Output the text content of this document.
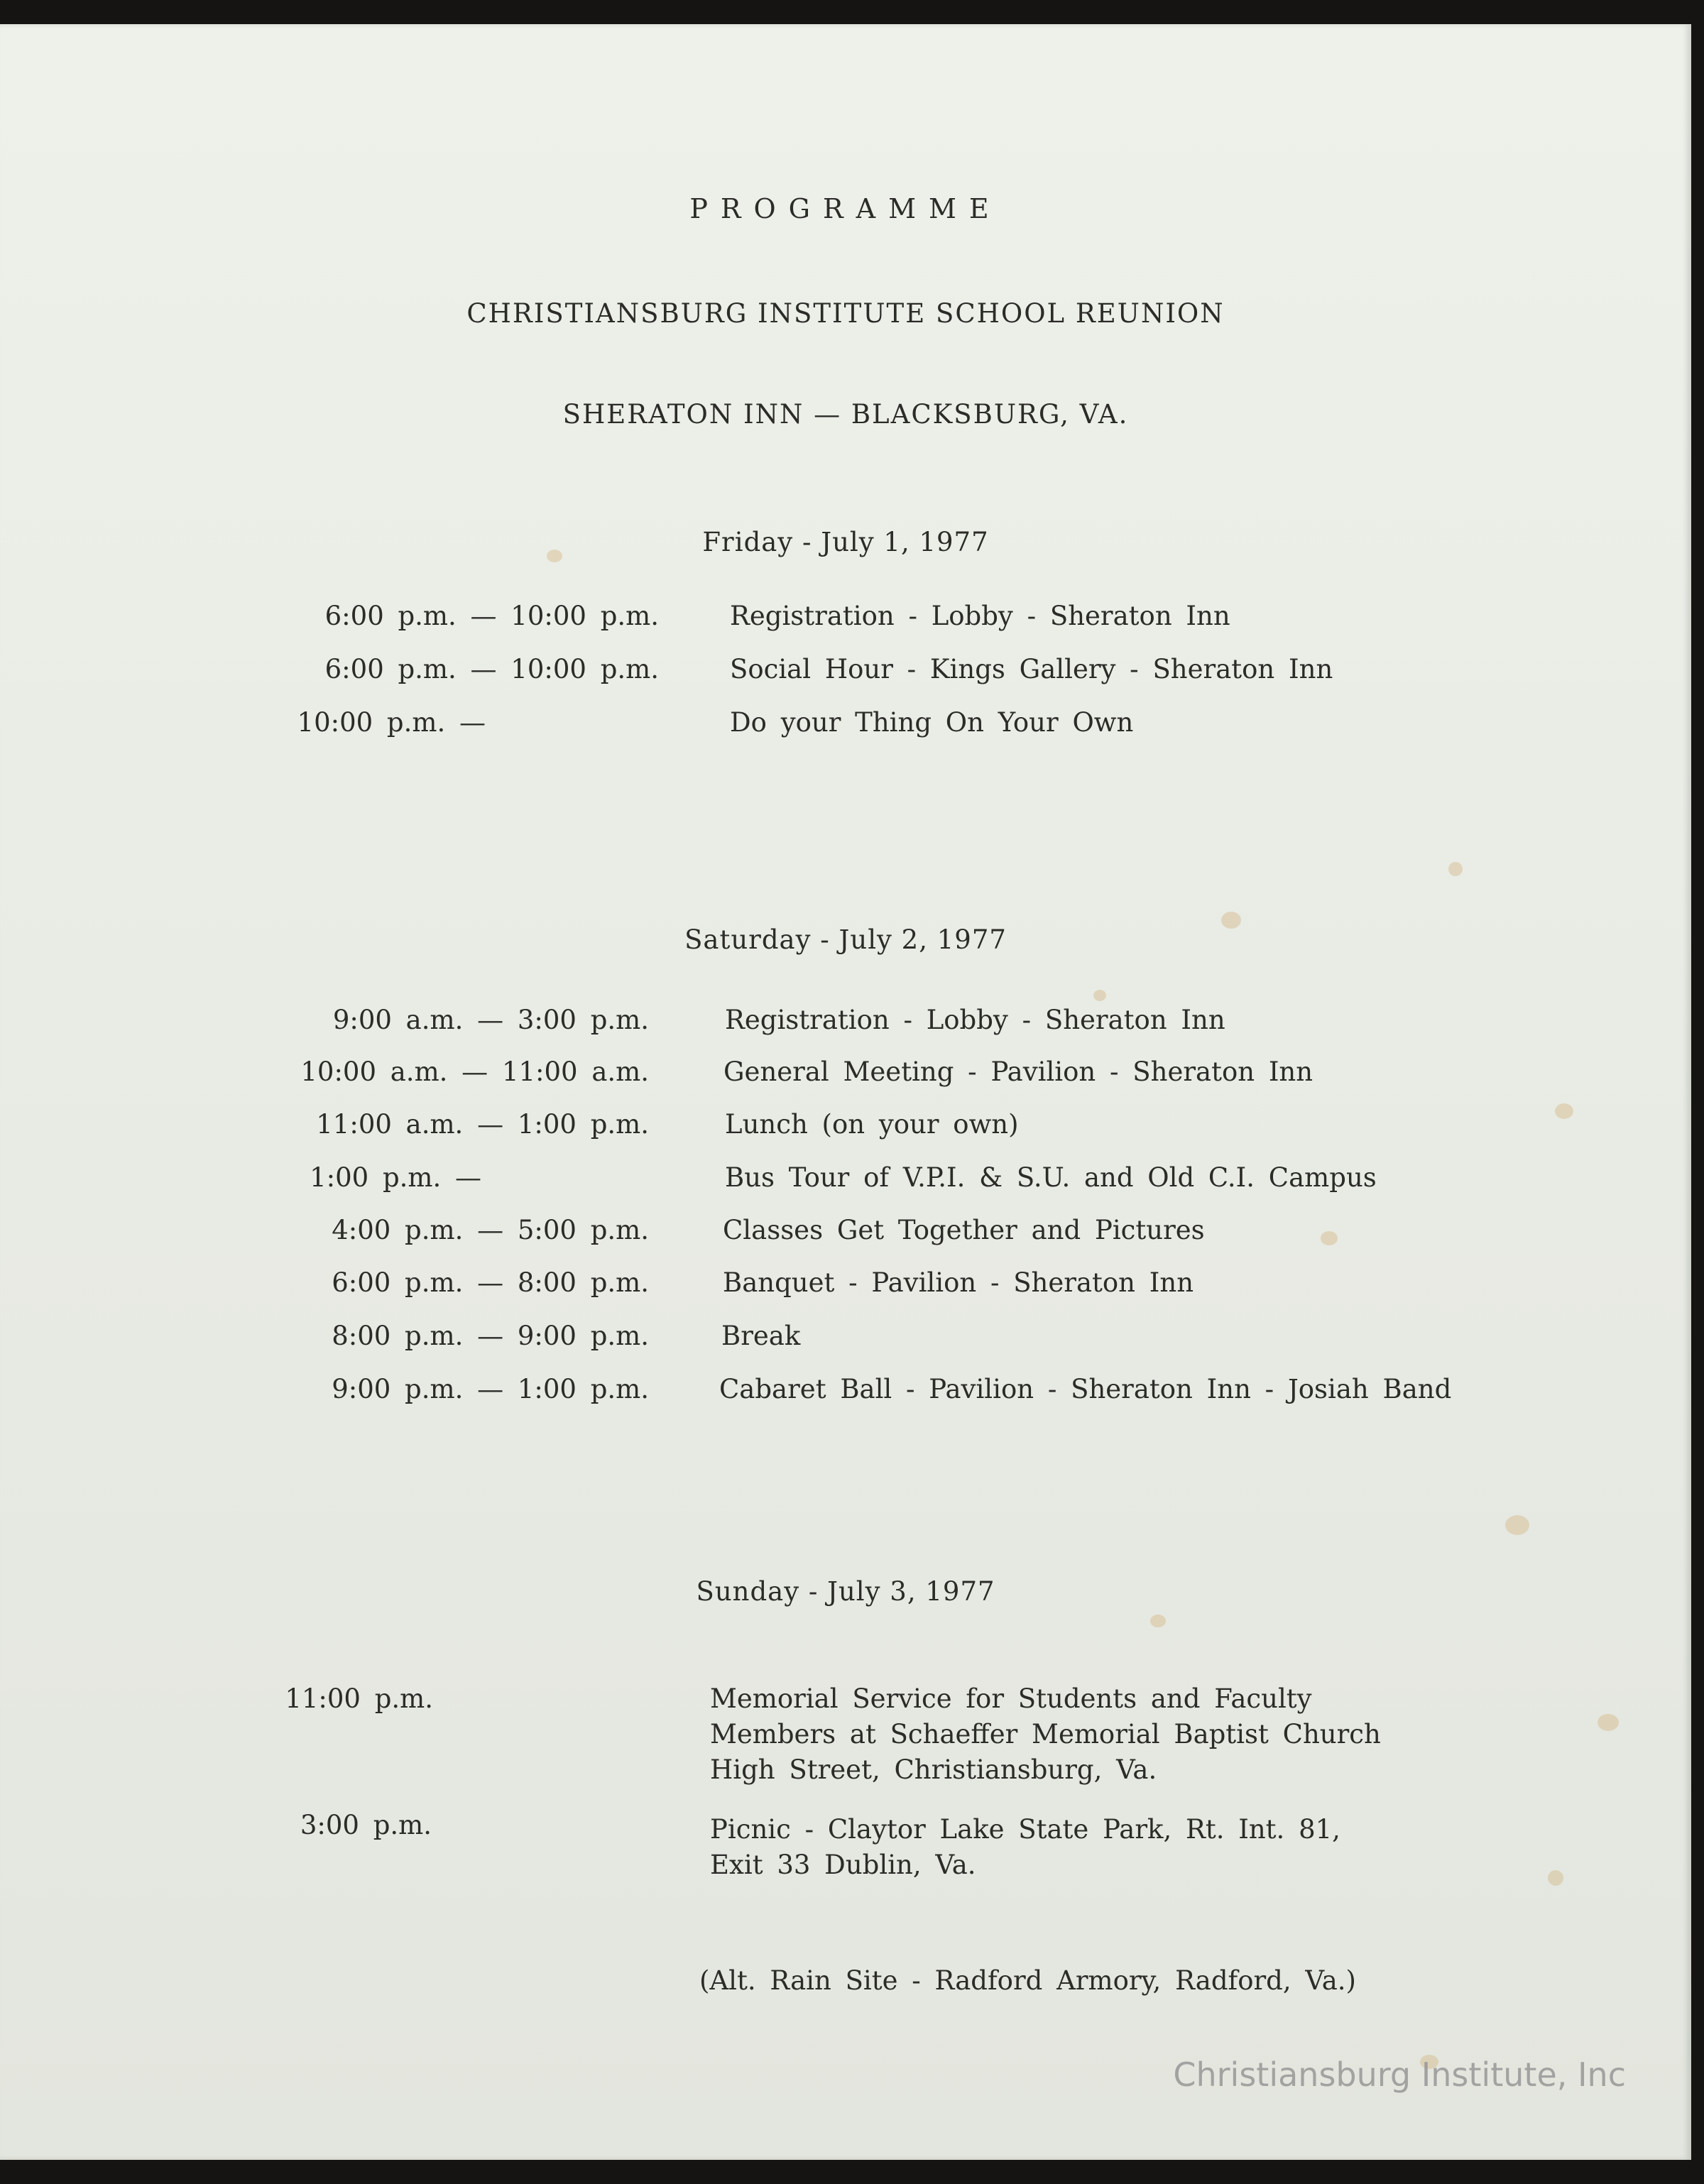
PROGRAMME
CHRISTIANSBURG INSTITUTE SCHOOL REUNION
SHERATON INN — BLACKSBURG, VA.
Friday - July 1, 1977
6:00 p.m. — 10:00 p.m.	Registration - Lobby - Sheraton Inn
6:00 p.m. — 10:00 p.m.	Social Hour - Kings Gallery - Sheraton Inn
10:00 p.m. —	Do your Thing On Your Own
Saturday - July 2, 1977
9:00 a.m. — 3:00 p.m.	Registration - Lobby - Sheraton Inn
10:00 a.m. — 11:00 a.m.	General Meeting - Pavilion - Sheraton Inn
11:00 a.m. — 1:00 p.m.	Lunch (on your own)
1:00 p.m. —	Bus Tour of V.P.I. & S.U. and Old C.I. Campus
4:00 p.m. — 5:00 p.m.	Classes Get Together and Pictures
6:00 p.m. — 8:00 p.m.	Banquet - Pavilion - Sheraton Inn
8:00 p.m. — 9:00 p.m.	Break
9:00 p.m. — 1:00 p.m.	Cabaret Ball - Pavilion - Sheraton Inn - Josiah Band
Sunday - July 3, 1977
11:00 p.m.	Memorial Service for Students and Faculty
Members at Schaeffer Memorial Baptist Church
High Street, Christiansburg, Va.
3:00 p.m.	Picnic - Claytor Lake State Park, Rt. Int. 81,
Exit 33 Dublin, Va.
(Alt. Rain Site - Radford Armory, Radford, Va.)
Christiansburg Institute, Inc
